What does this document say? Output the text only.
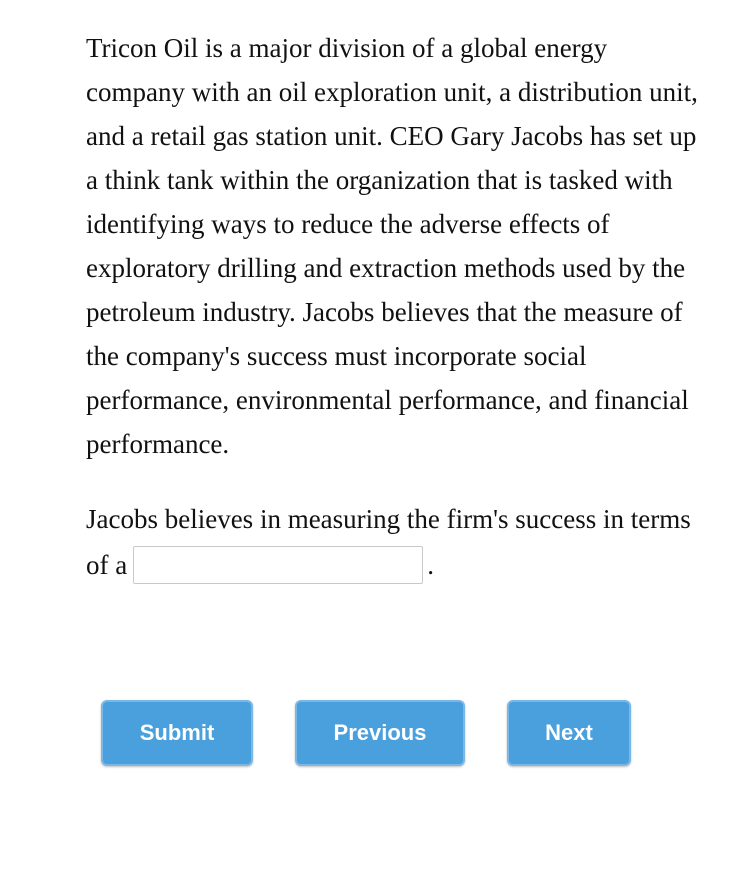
Tricon Oil is a major division of a global energy company with an oil exploration unit, a distribution unit, and a retail gas station unit. CEO Gary Jacobs has set up a think tank within the organization that is tasked with identifying ways to reduce the adverse effects of exploratory drilling and extraction methods used by the petroleum industry. Jacobs believes that the measure of the company's success must incorporate social performance, environmental performance, and financial performance.

Jacobs believes in measuring the firm's success in terms of a	.

Submit	Previous	Next
